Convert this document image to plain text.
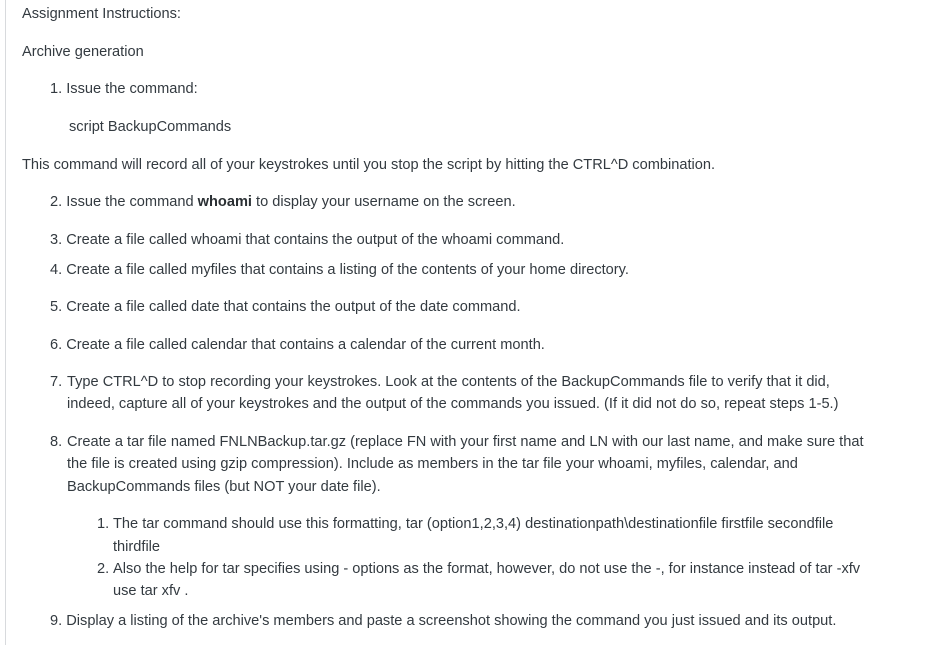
Assignment Instructions:
Archive generation
1. Issue the command:
script BackupCommands
This command will record all of your keystrokes until you stop the script by hitting the CTRL^D combination.
2. Issue the command whoami to display your username on the screen.
3. Create a file called whoami that contains the output of the whoami command.
4. Create a file called myfiles that contains a listing of the contents of your home directory.
5. Create a file called date that contains the output of the date command.
6. Create a file called calendar that contains a calendar of the current month.
7. Type CTRL^D to stop recording your keystrokes. Look at the contents of the BackupCommands file to verify that it did,
indeed, capture all of your keystrokes and the output of the commands you issued. (If it did not do so, repeat steps 1-5.)
8. Create a tar file named FNLNBackup.tar.gz (replace FN with your first name and LN with our last name, and make sure that
the file is created using gzip compression). Include as members in the tar file your whoami, myfiles, calendar, and
BackupCommands files (but NOT your date file).
1. The tar command should use this formatting, tar (option1,2,3,4) destinationpath\destinationfile firstfile secondfile
thirdfile
2. Also the help for tar specifies using - options as the format, however, do not use the -, for instance instead of tar -xfv
use tar xfv .
9. Display a listing of the archive's members and paste a screenshot showing the command you just issued and its output.
